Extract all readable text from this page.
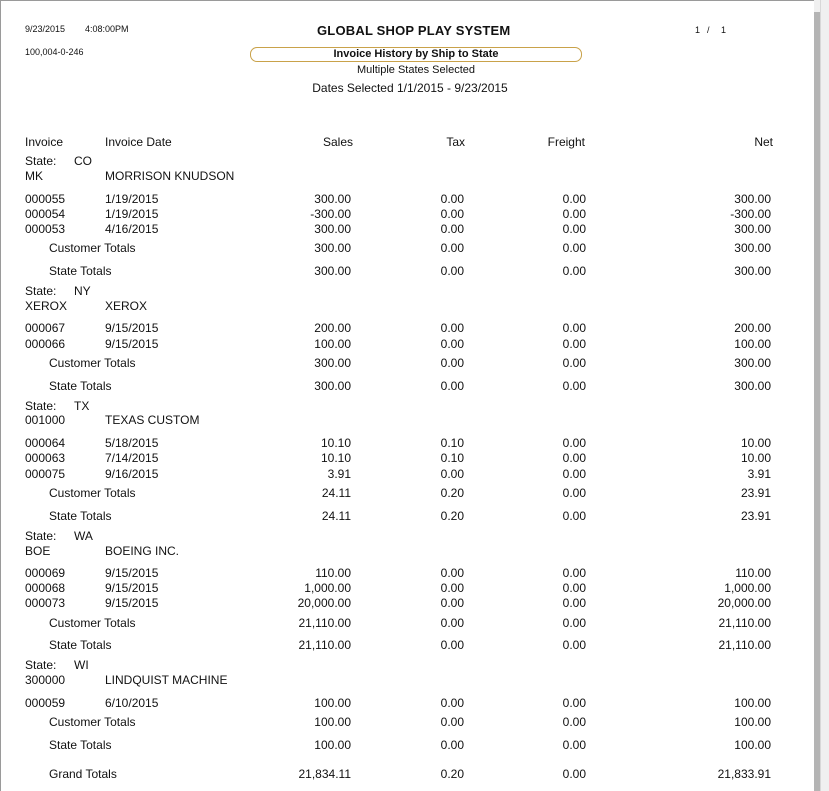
9/23/2015 4:08:00PM
100,004-0-246
GLOBAL SHOP PLAY SYSTEM	1 / 1
Invoice History by Ship to State
Multiple States Selected
Dates Selected 1/1/2015 - 9/23/2015
Invoice	Invoice Date	Sales	Tax	Freight	Net
State: CO
MK	MORRISON KNUDSON
000055	1/19/2015	300.00	0.00	0.00	300.00
000054	1/19/2015	-300.00	0.00	0.00	-300.00
000053	4/16/2015	300.00	0.00	0.00	300.00
Customer Totals	300.00	0.00	0.00	300.00
State Totals	300.00	0.00	0.00	300.00
State: NY
XEROX	XEROX
000067	9/15/2015	200.00	0.00	0.00	200.00
000066	9/15/2015	100.00	0.00	0.00	100.00
Customer Totals	300.00	0.00	0.00	300.00
State Totals	300.00	0.00	0.00	300.00
State: TX
001000	TEXAS CUSTOM
000064	5/18/2015	10.10	0.10	0.00	10.00
000063	7/14/2015	10.10	0.10	0.00	10.00
000075	9/16/2015	3.91	0.00	0.00	3.91
Customer Totals	24.11	0.20	0.00	23.91
State Totals	24.11	0.20	0.00	23.91
State: WA
BOE	BOEING INC.
000069	9/15/2015	110.00	0.00	0.00	110.00
000068	9/15/2015	1,000.00	0.00	0.00	1,000.00
000073	9/15/2015	20,000.00	0.00	0.00	20,000.00
Customer Totals	21,110.00	0.00	0.00	21,110.00
State Totals	21,110.00	0.00	0.00	21,110.00
State: WI
300000	LINDQUIST MACHINE
000059	6/10/2015	100.00	0.00	0.00	100.00
Customer Totals	100.00	0.00	0.00	100.00
State Totals	100.00	0.00	0.00	100.00
Grand Totals	21,834.11	0.20	0.00	21,833.91
